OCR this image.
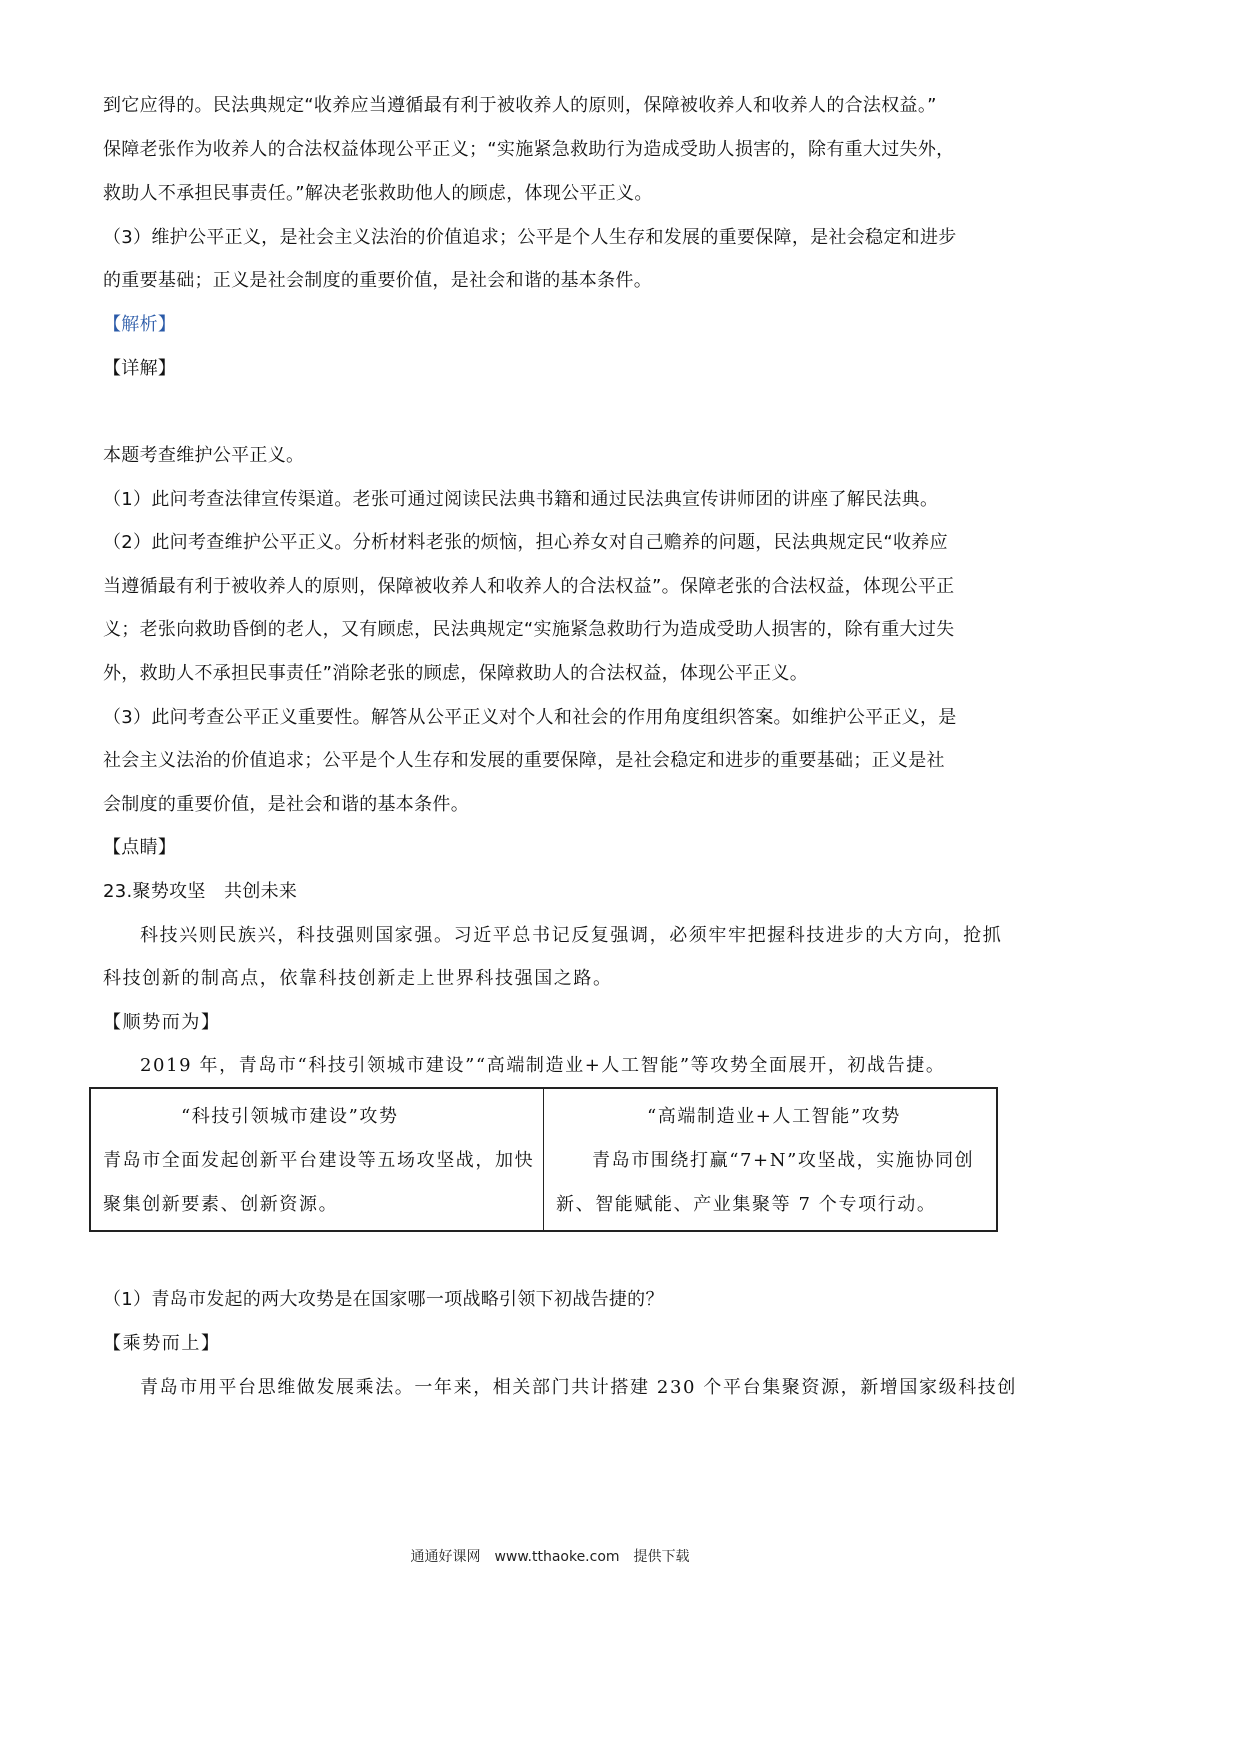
到它应得的。民法典规定“收养应当遵循最有利于被收养人的原则，保障被收养人和收养人的合法权益。”
保障老张作为收养人的合法权益体现公平正义；“实施紧急救助行为造成受助人损害的，除有重大过失外，
救助人不承担民事责任。”解决老张救助他人的顾虑，体现公平正义。
（3）维护公平正义，是社会主义法治的价值追求；公平是个人生存和发展的重要保障，是社会稳定和进步
的重要基础；正义是社会制度的重要价值，是社会和谐的基本条件。
【解析】
【详解】
本题考查维护公平正义。
（1）此问考查法律宣传渠道。老张可通过阅读民法典书籍和通过民法典宣传讲师团的讲座了解民法典。
（2）此问考查维护公平正义。分析材料老张的烦恼，担心养女对自己赡养的问题，民法典规定民“收养应
当遵循最有利于被收养人的原则，保障被收养人和收养人的合法权益”。保障老张的合法权益，体现公平正
义；老张向救助昏倒的老人，又有顾虑，民法典规定“实施紧急救助行为造成受助人损害的，除有重大过失
外，救助人不承担民事责任”消除老张的顾虑，保障救助人的合法权益，体现公平正义。
（3）此问考查公平正义重要性。解答从公平正义对个人和社会的作用角度组织答案。如维护公平正义，是
社会主义法治的价值追求；公平是个人生存和发展的重要保障，是社会稳定和进步的重要基础；正义是社
会制度的重要价值，是社会和谐的基本条件。
【点睛】
23.聚势攻坚　共创未来
科技兴则民族兴，科技强则国家强。习近平总书记反复强调，必须牢牢把握科技进步的大方向，抢抓
科技创新的制高点，依靠科技创新走上世界科技强国之路。
【顺势而为】
2019 年，青岛市“科技引领城市建设”“高端制造业+人工智能”等攻势全面展开，初战告捷。
“科技引领城市建设”攻势
青岛市全面发起创新平台建设等五场攻坚战，加快
聚集创新要素、创新资源。
“高端制造业+人工智能”攻势
青岛市围绕打赢“7+N”攻坚战，实施协同创
新、智能赋能、产业集聚等 7 个专项行动。
（1）青岛市发起的两大攻势是在国家哪一项战略引领下初战告捷的？
【乘势而上】
青岛市用平台思维做发展乘法。一年来，相关部门共计搭建 230 个平台集聚资源，新增国家级科技创
通通好课网　www.tthaoke.com　提供下载
